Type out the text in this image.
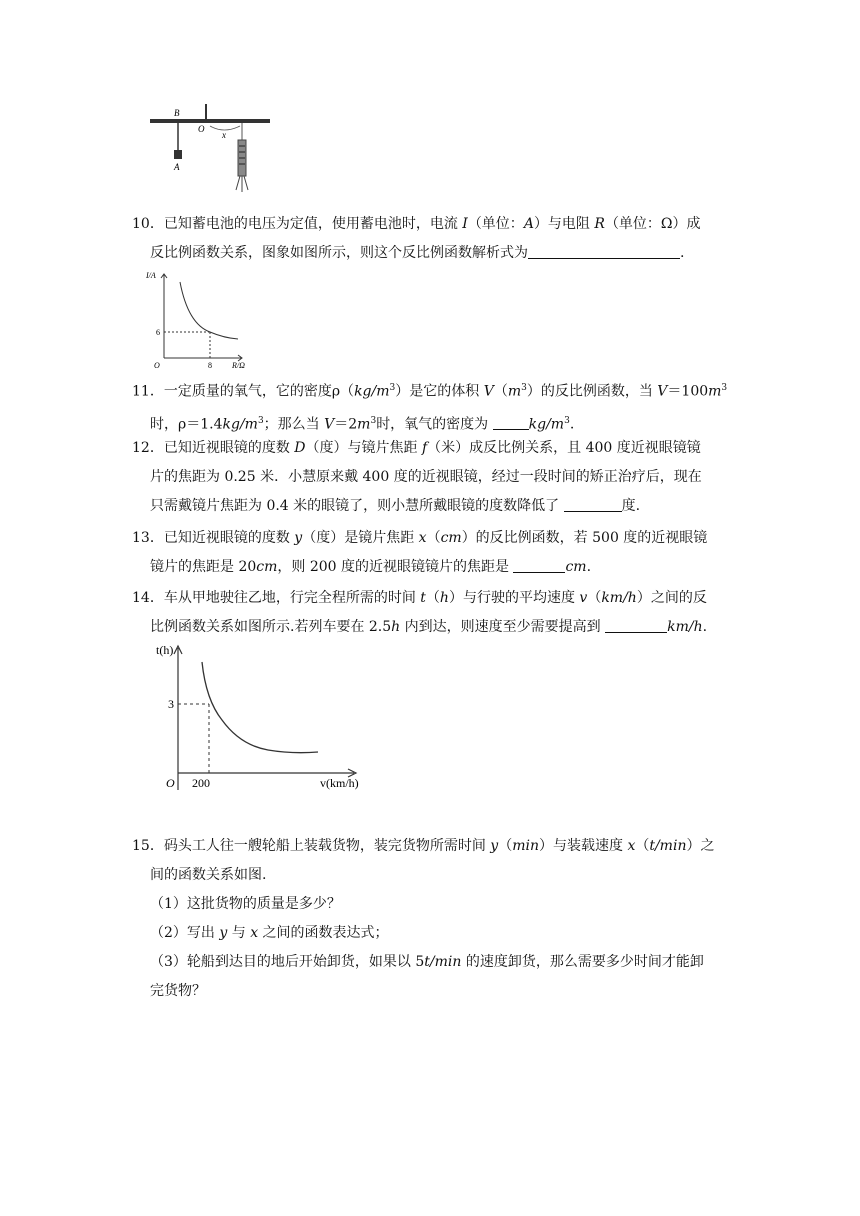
B
O
A
x
10．已知蓄电池的电压为定值，使用蓄电池时，电流 I（单位：A）与电阻 R（单位：Ω）成
反比例函数关系，图象如图所示，则这个反比例函数解析式为	.
I/A
R/Ω
O
6
8
11．一定质量的氧气，它的密度$\rho(kg/m^3)$是它的体积 $V(m^3)$的反比例函数，当 $V=100m^3$
时，$\rho=1.4kg/m^3$；那么当 $V=2m^3$时，氧气的密度为	$kg/m^3$.
12．已知近视眼镜的度数 D（度）与镜片焦距 f（米）成反比例关系，且 400 度近视眼镜镜
片的焦距为 0.25 米．小慧原来戴 400 度的近视眼镜，经过一段时间的矫正治疗后，现在
只需戴镜片焦距为 0.4 米的眼镜了，则小慧所戴眼镜的度数降低了	度.
13．已知近视眼镜的度数 y（度）是镜片焦距 x（cm）的反比例函数，若 500 度的近视眼镜
镜片的焦距是 20cm，则 200 度的近视眼镜镜片的焦距是	cm.
14．车从甲地驶往乙地，行完全程所需的时间 t（h）与行驶的平均速度 v（km/h）之间的反
比例函数关系如图所示.若列车要在 2.5h 内到达，则速度至少需要提高到	km/h.
t(h)
v(km/h)
O
3
200
15．码头工人往一艘轮船上装载货物，装完货物所需时间 y（min）与装载速度 x（t/min）之
间的函数关系如图.
（1）这批货物的质量是多少？
（2）写出 y 与 x 之间的函数表达式；
（3）轮船到达目的地后开始卸货，如果以 5t/min 的速度卸货，那么需要多少时间才能卸
完货物？
